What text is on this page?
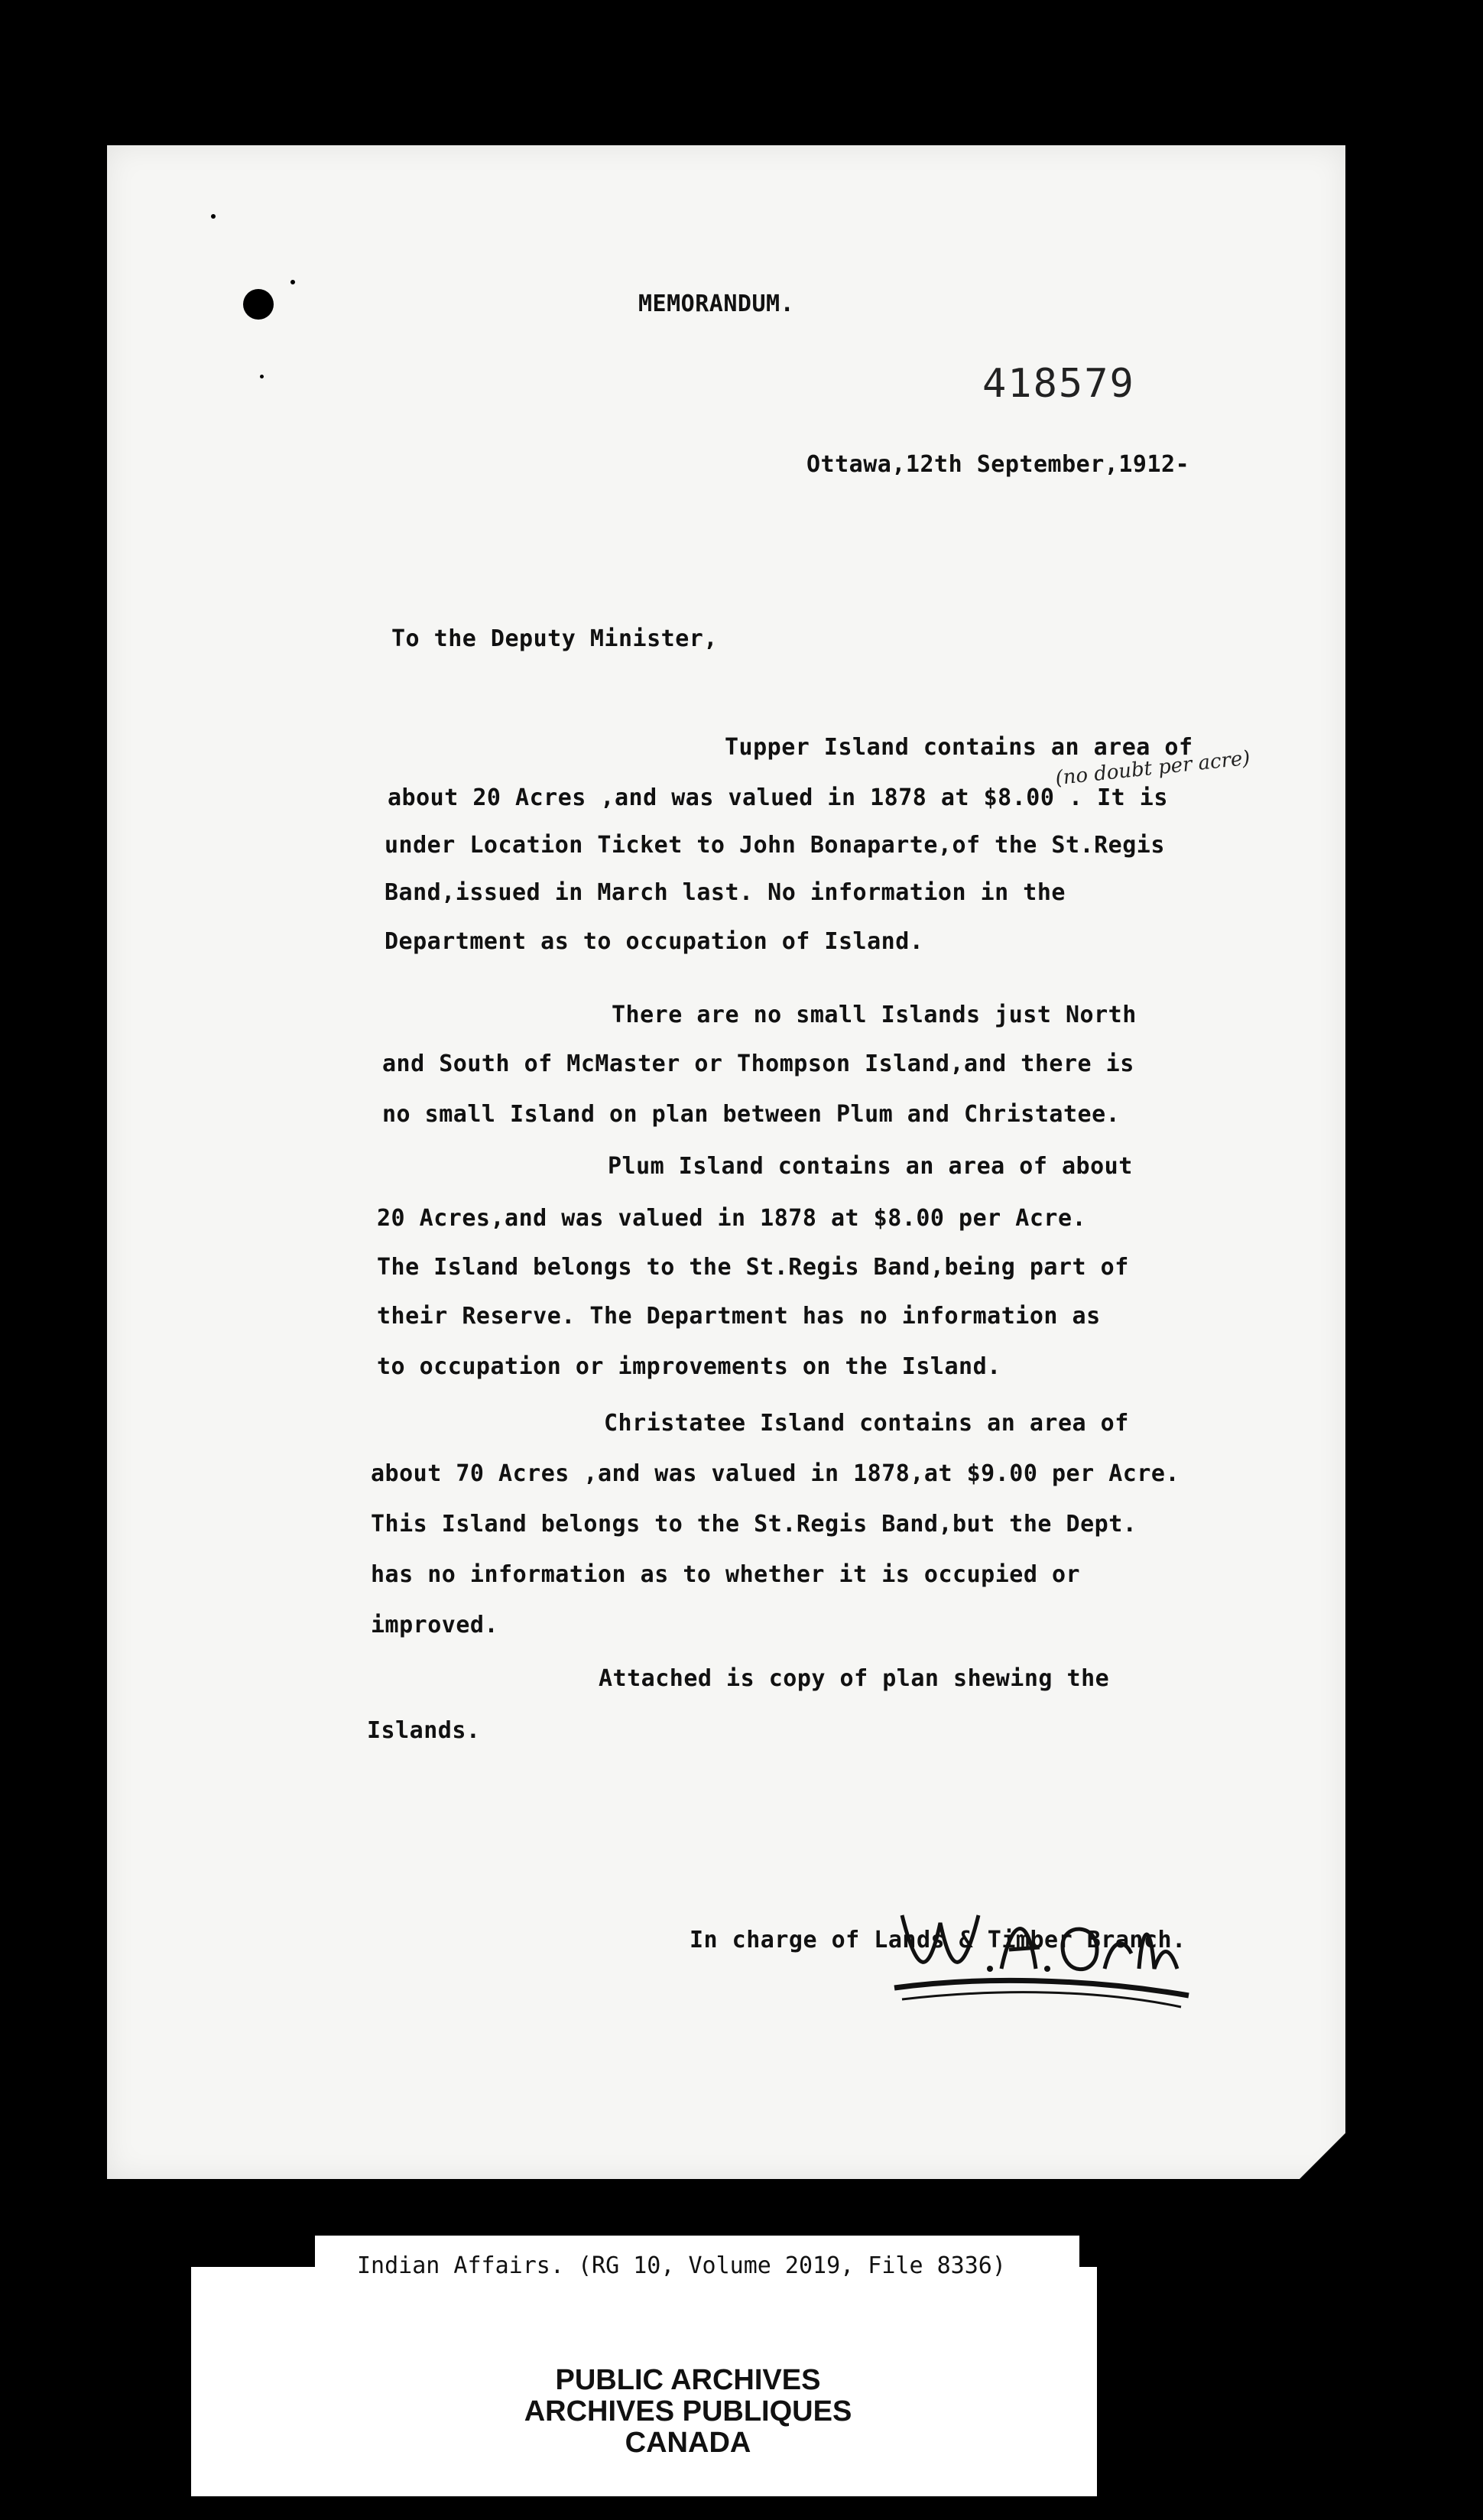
MEMORANDUM.
418579
Ottawa,12th September,1912-
To the Deputy Minister,
Tupper Island contains an area of
about 20 Acres ,and was valued in 1878 at $8.00 . It is
(no doubt per acre)
under Location Ticket to John Bonaparte,of the St.Regis
Band,issued in March last. No information in the
Department as to occupation of Island.
There are no small Islands just North
and South of McMaster or Thompson Island,and there is
no small Island on plan between Plum and Christatee.
Plum Island contains an area of about
20 Acres,and was valued in 1878 at $8.00 per Acre.
The Island belongs to the St.Regis Band,being part of
their Reserve. The Department has no information as
to occupation or improvements on the Island.
Christatee Island contains an area of
about 70 Acres ,and was valued in 1878,at $9.00 per Acre.
This Island belongs to the St.Regis Band,but the Dept.
has no information as to whether it is occupied or
improved.
Attached is copy of plan shewing the
Islands.
In charge of Lands & Timber Branch.
PUBLIC ARCHIVES
ARCHIVES PUBLIQUES
CANADA
Indian Affairs. (RG 10, Volume 2019, File 8336)
